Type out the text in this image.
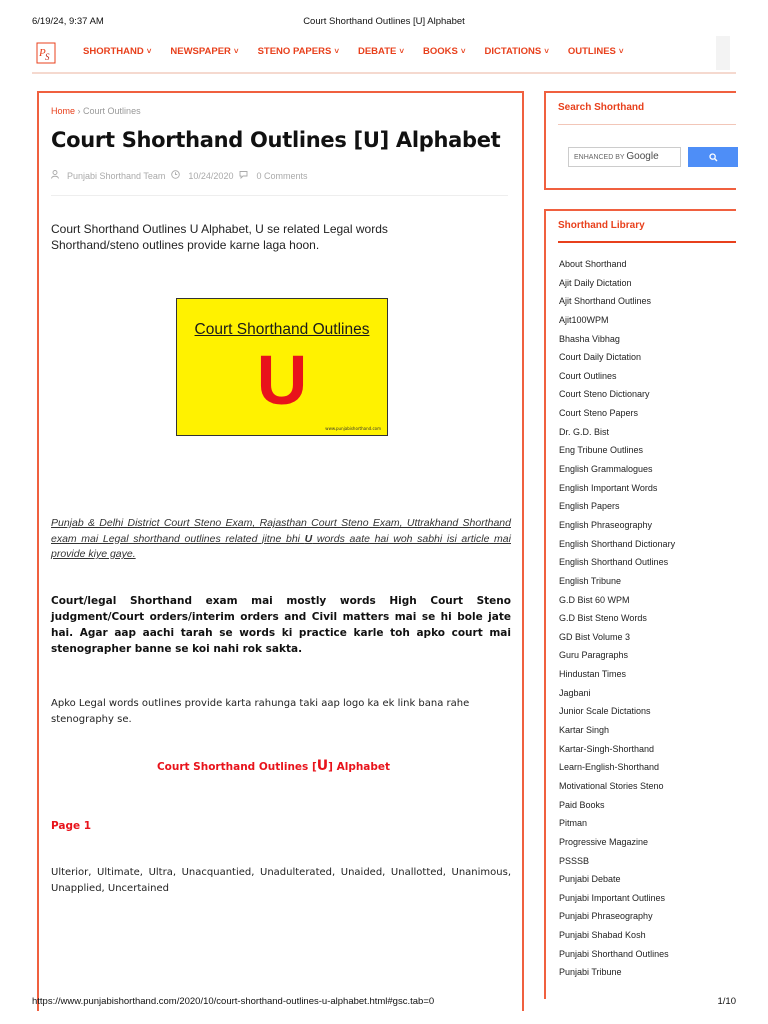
6/19/24, 9:37 AM	Court Shorthand Outlines [U] Alphabet
P S	SHORTHAND ˅ NEWSPAPER ˅ STENO PAPERS ˅ DEBATE ˅ BOOKS ˅ DICTATIONS ˅ OUTLINES ˅
Home › Court Outlines
Court Shorthand Outlines [U] Alphabet
Punjabi Shorthand Team	10/24/2020	0 Comments

Court Shorthand Outlines U Alphabet, U se related Legal words Shorthand/steno outlines provide karne laga hoon.

Court Shorthand Outlines
U
www.punjabishorthand.com

Punjab & Delhi District Court Steno Exam, Rajasthan Court Steno Exam, Uttrakhand Shorthand exam mai Legal shorthand outlines related jitne bhi U words aate hai woh sabhi isi article mai provide kiye gaye.

Court/legal Shorthand exam mai mostly words High Court Steno judgment/Court orders/interim orders and Civil matters mai se hi bole jate hai. Agar aap aachi tarah se words ki practice karle toh apko court mai stenographer banne se koi nahi rok sakta.

Apko Legal words outlines provide karta rahunga taki aap logo ka ek link bana rahe stenography se.

Court Shorthand Outlines [U] Alphabet
Page 1

Ulterior, Ultimate, Ultra, Unacquantied, Unadulterated, Unaided, Unallotted, Unanimous, Unapplied, Uncertained

Search Shorthand
ENHANCED BY Google
Shorthand Library
About Shorthand
Ajit Daily Dictation
Ajit Shorthand Outlines
Ajit100WPM
Bhasha Vibhag
Court Daily Dictation
Court Outlines
Court Steno Dictionary
Court Steno Papers
Dr. G.D. Bist
Eng Tribune Outlines
English Grammalogues
English Important Words
English Papers
English Phraseography
English Shorthand Dictionary
English Shorthand Outlines
English Tribune
G.D Bist 60 WPM
G.D Bist Steno Words
GD Bist Volume 3
Guru Paragraphs
Hindustan Times
Jagbani
Junior Scale Dictations
Kartar Singh
Kartar-Singh-Shorthand
Learn-English-Shorthand
Motivational Stories Steno
Paid Books
Pitman
Progressive Magazine
PSSSB
Punjabi Debate
Punjabi Important Outlines
Punjabi Phraseography
Punjabi Shabad Kosh
Punjabi Shorthand Outlines
Punjabi Tribune
https://www.punjabishorthand.com/2020/10/court-shorthand-outlines-u-alphabet.html#gsc.tab=0	1/10
